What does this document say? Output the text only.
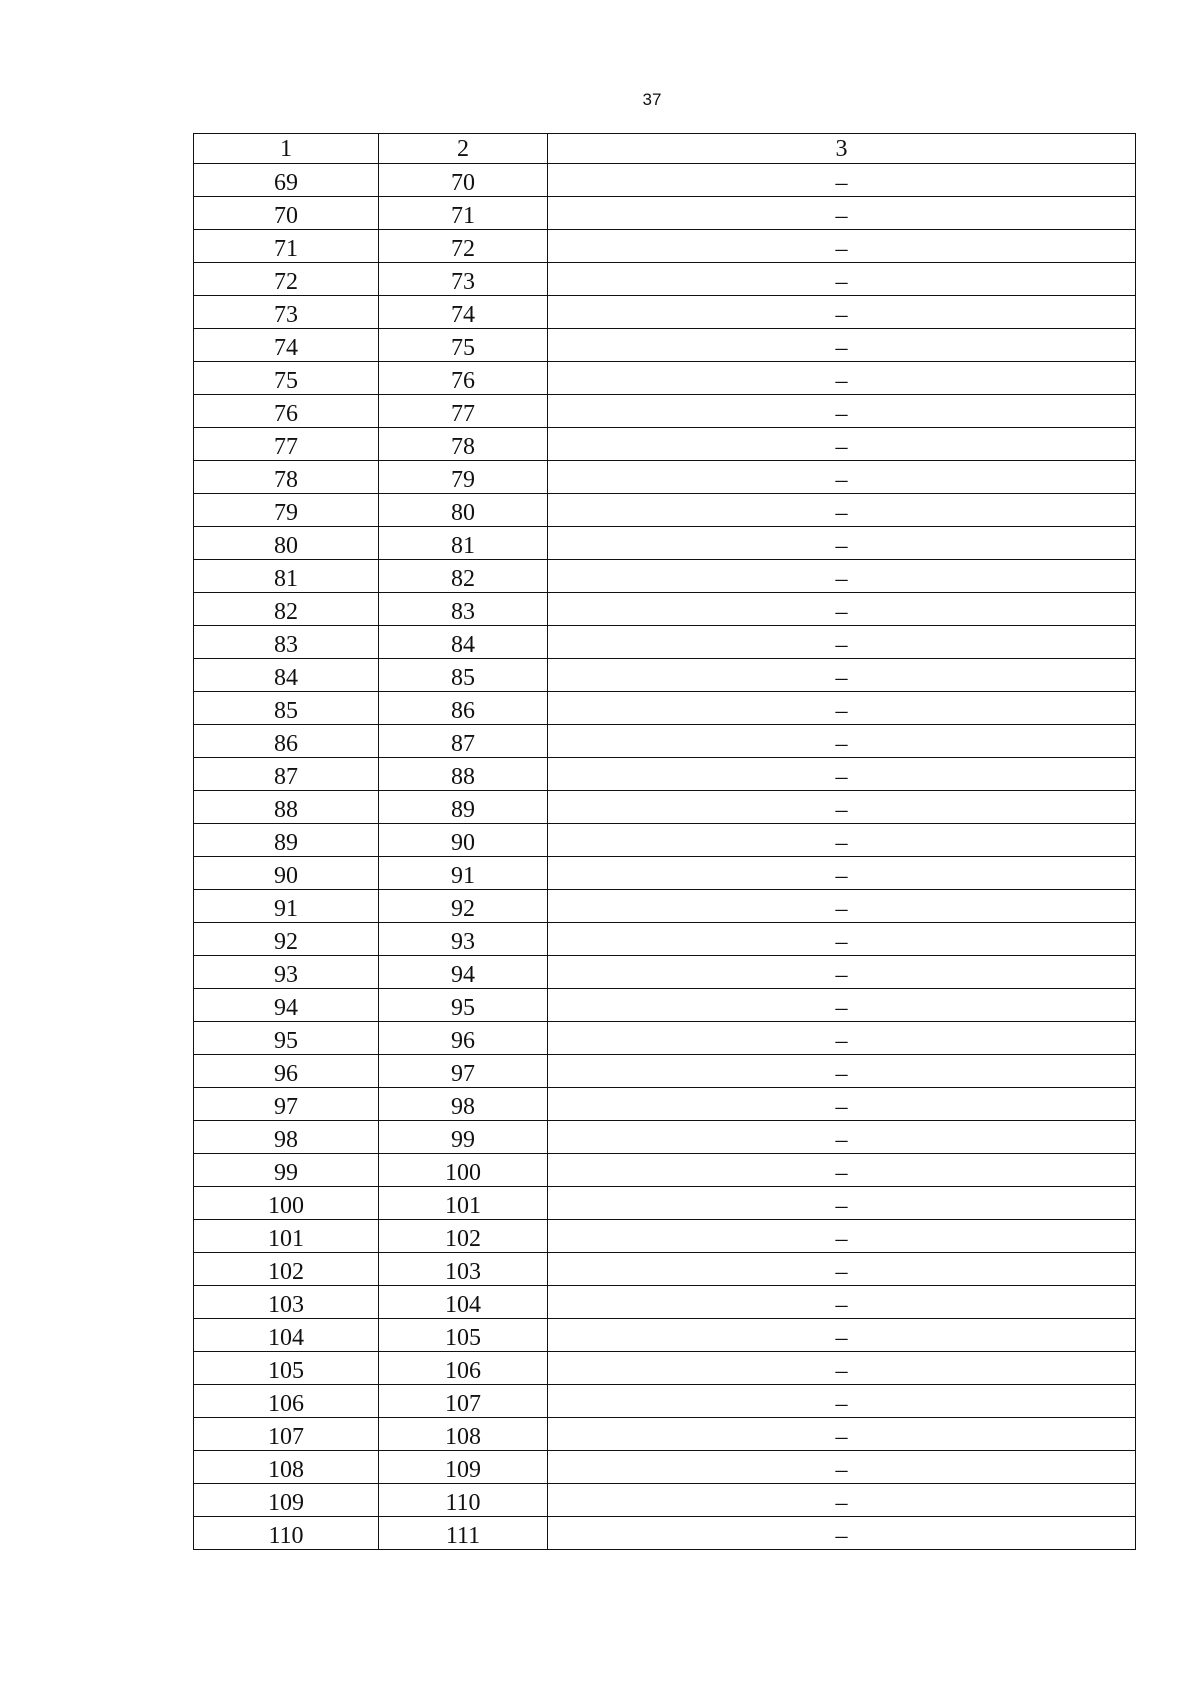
37
1	2	3
69	70	–
70	71	–
71	72	–
72	73	–
73	74	–
74	75	–
75	76	–
76	77	–
77	78	–
78	79	–
79	80	–
80	81	–
81	82	–
82	83	–
83	84	–
84	85	–
85	86	–
86	87	–
87	88	–
88	89	–
89	90	–
90	91	–
91	92	–
92	93	–
93	94	–
94	95	–
95	96	–
96	97	–
97	98	–
98	99	–
99	100	–
100	101	–
101	102	–
102	103	–
103	104	–
104	105	–
105	106	–
106	107	–
107	108	–
108	109	–
109	110	–
110	111	–
